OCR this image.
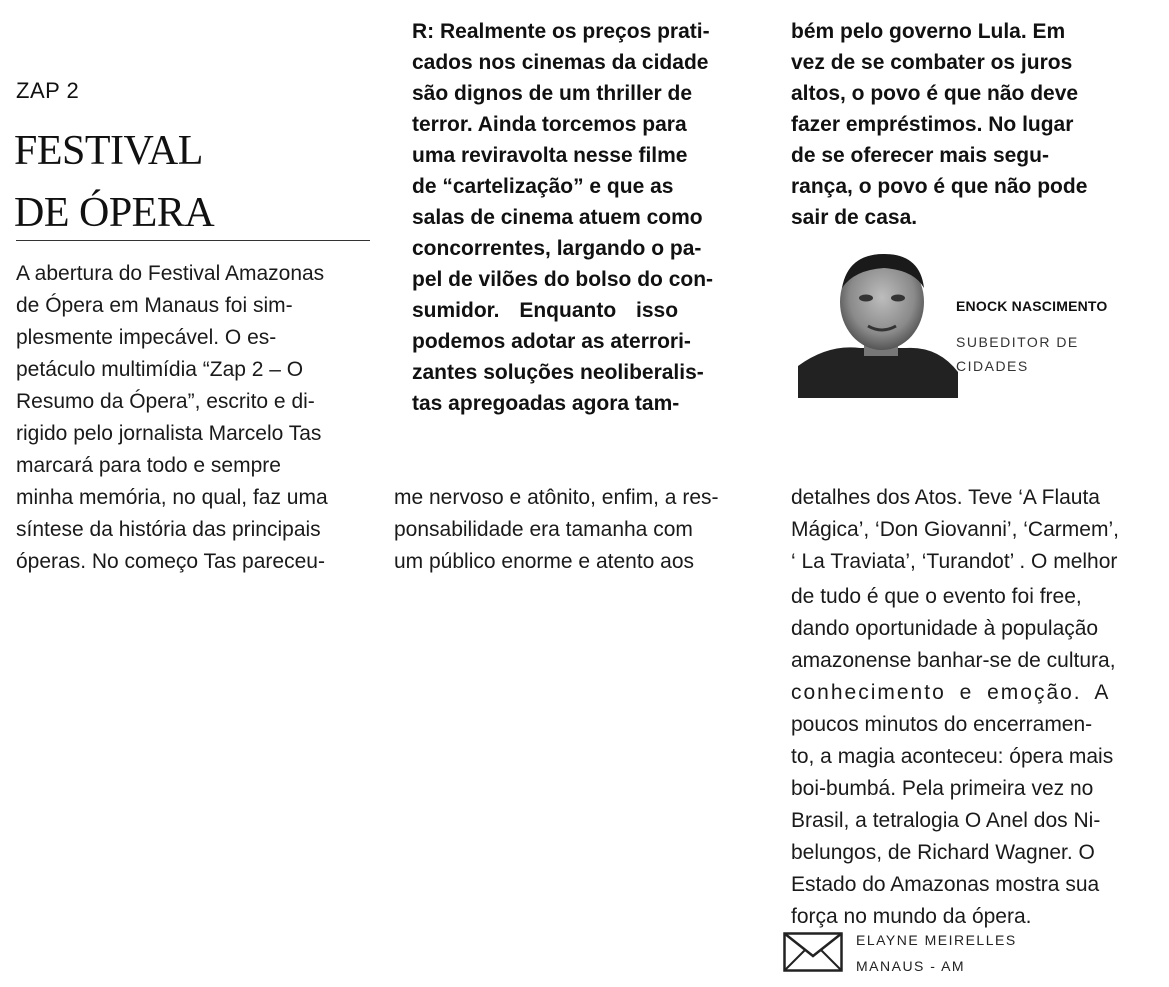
ZAP 2
FESTIVAL
DE ÓPERA
A abertura do Festival Amazonas
de Ópera em Manaus foi sim-
plesmente impecável. O es-
petáculo multimídia “Zap 2 – O
Resumo da Ópera”, escrito e di-
rigido pelo jornalista Marcelo Tas
marcará para todo e sempre
minha memória, no qual, faz uma
síntese da história das principais
óperas. No começo Tas pareceu-
R: Realmente os preços prati-
cados nos cinemas da cidade
são dignos de um thriller de
terror. Ainda torcemos para
uma reviravolta nesse filme
de “cartelização” e que as
salas de cinema atuem como
concorrentes, largando o pa-
pel de vilões do bolso do con-
sumidor. Enquanto isso
podemos adotar as aterrori-
zantes soluções neoliberalis-
tas apregoadas agora tam-
me nervoso e atônito, enfim, a res-
ponsabilidade era tamanha com
um público enorme e atento aos
bém pelo governo Lula. Em
vez de se combater os juros
altos, o povo é que não deve
fazer empréstimos. No lugar
de se oferecer mais segu-
rança, o povo é que não pode
sair de casa.
ENOCK NASCIMENTO
SUBEDITOR DE
CIDADES
detalhes dos Atos. Teve ‘A Flauta
Mágica’, ‘Don Giovanni’, ‘Carmem’,
‘ La Traviata’, ‘Turandot’ . O melhor
de tudo é que o evento foi free,
dando oportunidade à população
amazonense banhar-se de cultura,
conhecimento e emoção. A
poucos minutos do encerramen-
to, a magia aconteceu: ópera mais
boi-bumbá. Pela primeira vez no
Brasil, a tetralogia O Anel dos Ni-
belungos, de Richard Wagner. O
Estado do Amazonas mostra sua
força no mundo da ópera.
ELAYNE MEIRELLES
MANAUS - AM
